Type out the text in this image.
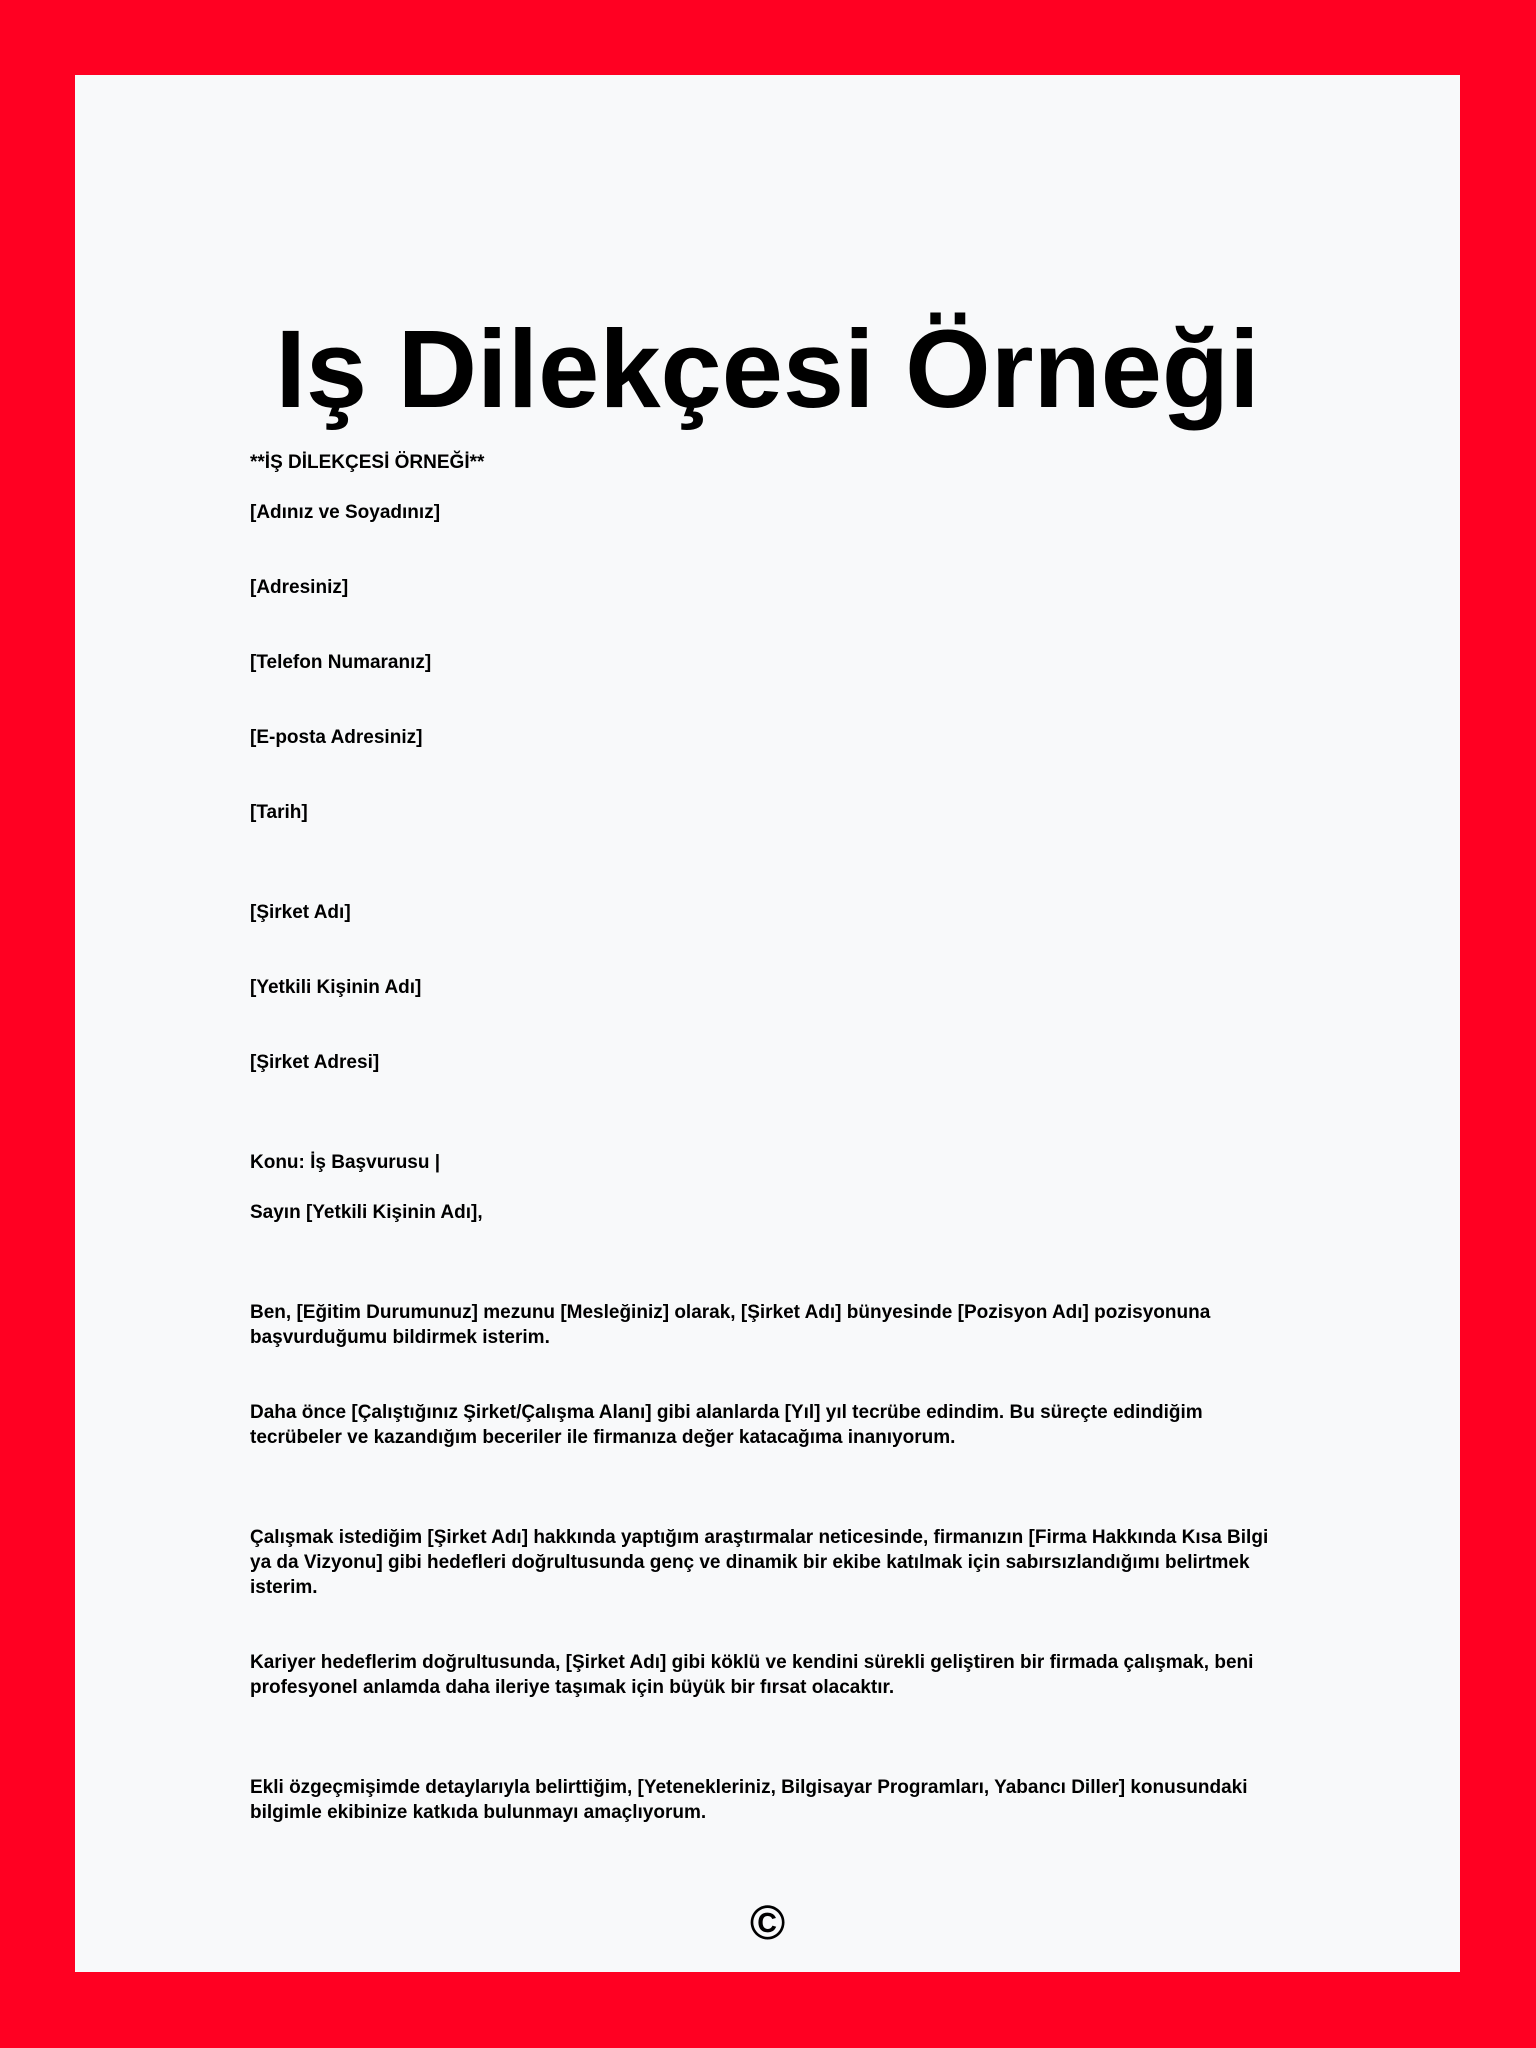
Iş Dilekçesi Örneği

**İŞ DİLEKÇESİ ÖRNEĞİ**

[Adınız ve Soyadınız]

[Adresiniz]

[Telefon Numaranız]

[E-posta Adresiniz]

[Tarih]

[Şirket Adı]

[Yetkili Kişinin Adı]

[Şirket Adresi]

Konu: İş Başvurusu |

Sayın [Yetkili Kişinin Adı],

Ben, [Eğitim Durumunuz] mezunu [Mesleğiniz] olarak, [Şirket Adı] bünyesinde [Pozisyon Adı] pozisyonuna başvurduğumu bildirmek isterim.

Daha önce [Çalıştığınız Şirket/Çalışma Alanı] gibi alanlarda [Yıl] yıl tecrübe edindim. Bu süreçte edindiğim tecrübeler ve kazandığım beceriler ile firmanıza değer katacağıma inanıyorum.

Çalışmak istediğim [Şirket Adı] hakkında yaptığım araştırmalar neticesinde, firmanızın [Firma Hakkında Kısa Bilgi ya da Vizyonu] gibi hedefleri doğrultusunda genç ve dinamik bir ekibe katılmak için sabırsızlandığımı belirtmek isterim.

Kariyer hedeflerim doğrultusunda, [Şirket Adı] gibi köklü ve kendini sürekli geliştiren bir firmada çalışmak, beni profesyonel anlamda daha ileriye taşımak için büyük bir fırsat olacaktır.

Ekli özgeçmişimde detaylarıyla belirttiğim, [Yetenekleriniz, Bilgisayar Programları, Yabancı Diller] konusundaki bilgimle ekibinize katkıda bulunmayı amaçlıyorum.

©
